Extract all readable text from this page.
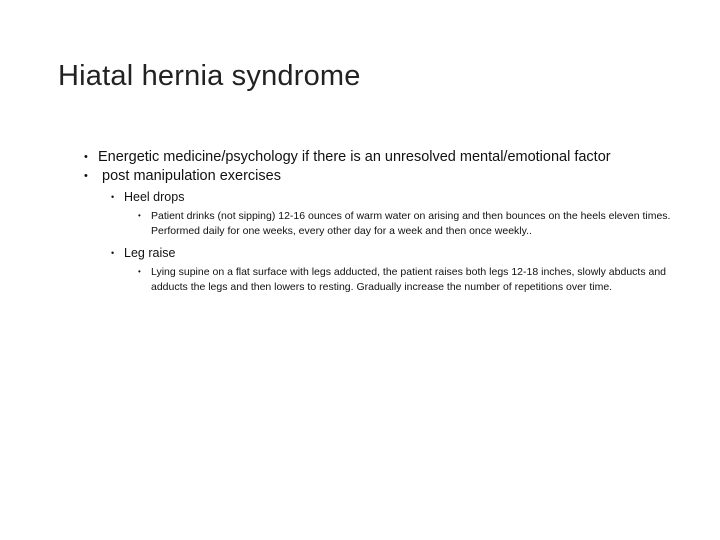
Hiatal hernia syndrome
• Energetic medicine/psychology if there is an unresolved mental/emotional factor
• post manipulation exercises
• Heel drops
• Patient drinks (not sipping) 12-16 ounces of warm water on arising and then bounces on the heels eleven times. Performed daily for one weeks, every other day for a week and then once weekly..
• Leg raise
• Lying supine on a flat surface with legs adducted, the patient raises both legs 12-18 inches, slowly abducts and adducts the legs and then lowers to resting. Gradually increase the number of repetitions over time.
